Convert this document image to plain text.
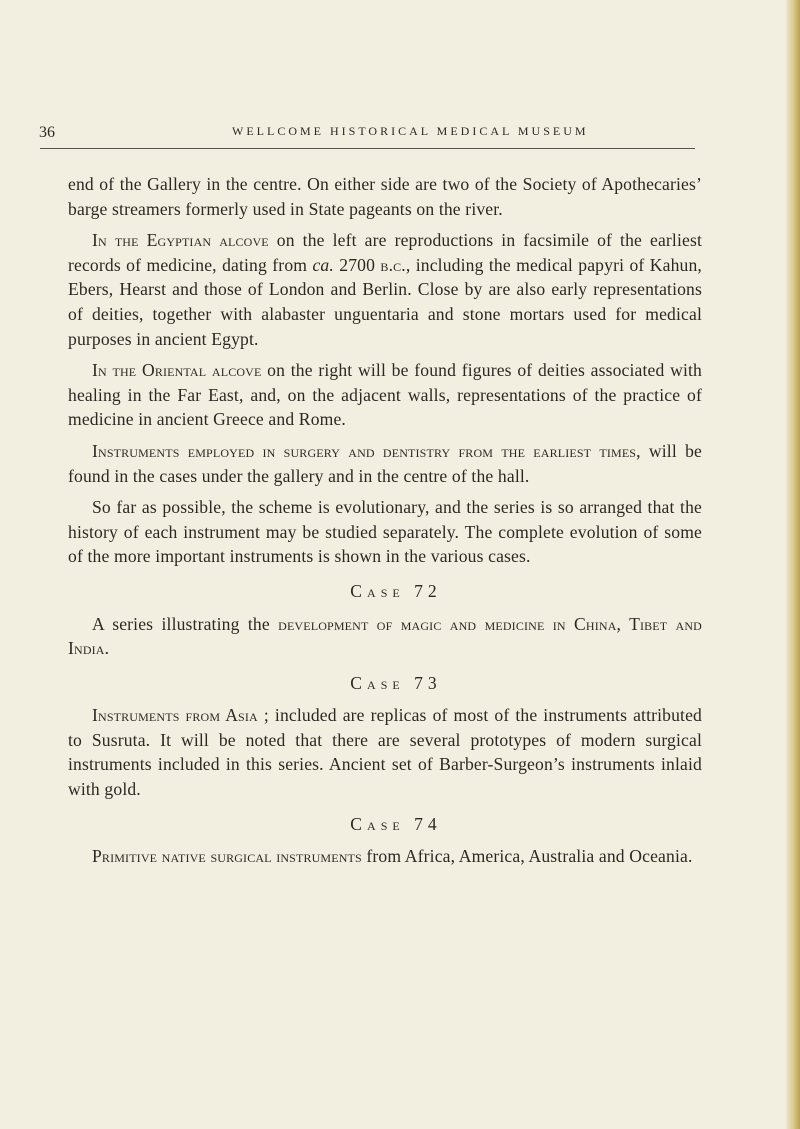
36	WELLCOME HISTORICAL MEDICAL MUSEUM

end of the Gallery in the centre. On either side are two of the Society of Apothecaries’ barge streamers formerly used in State pageants on the river.

In the Egyptian alcove on the left are reproductions in facsimile of the earliest records of medicine, dating from ca. 2700 b.c., including the medical papyri of Kahun, Ebers, Hearst and those of London and Berlin. Close by are also early representations of deities, together with alabaster unguentaria and stone mortars used for medical purposes in ancient Egypt.

In the Oriental alcove on the right will be found figures of deities associated with healing in the Far East, and, on the adjacent walls, representations of the practice of medicine in ancient Greece and Rome.

Instruments employed in surgery and dentistry from the earliest times, will be found in the cases under the gallery and in the centre of the hall.

So far as possible, the scheme is evolutionary, and the series is so arranged that the history of each instrument may be studied separately. The complete evolution of some of the more important instruments is shown in the various cases.

Case 72

A series illustrating the development of magic and medicine in China, Tibet and India.

Case 73

Instruments from Asia ; included are replicas of most of the instruments attributed to Susruta. It will be noted that there are several prototypes of modern surgical instruments included in this series. Ancient set of Barber-Surgeon’s instruments inlaid with gold.

Case 74

Primitive native surgical instruments from Africa, America, Australia and Oceania.
